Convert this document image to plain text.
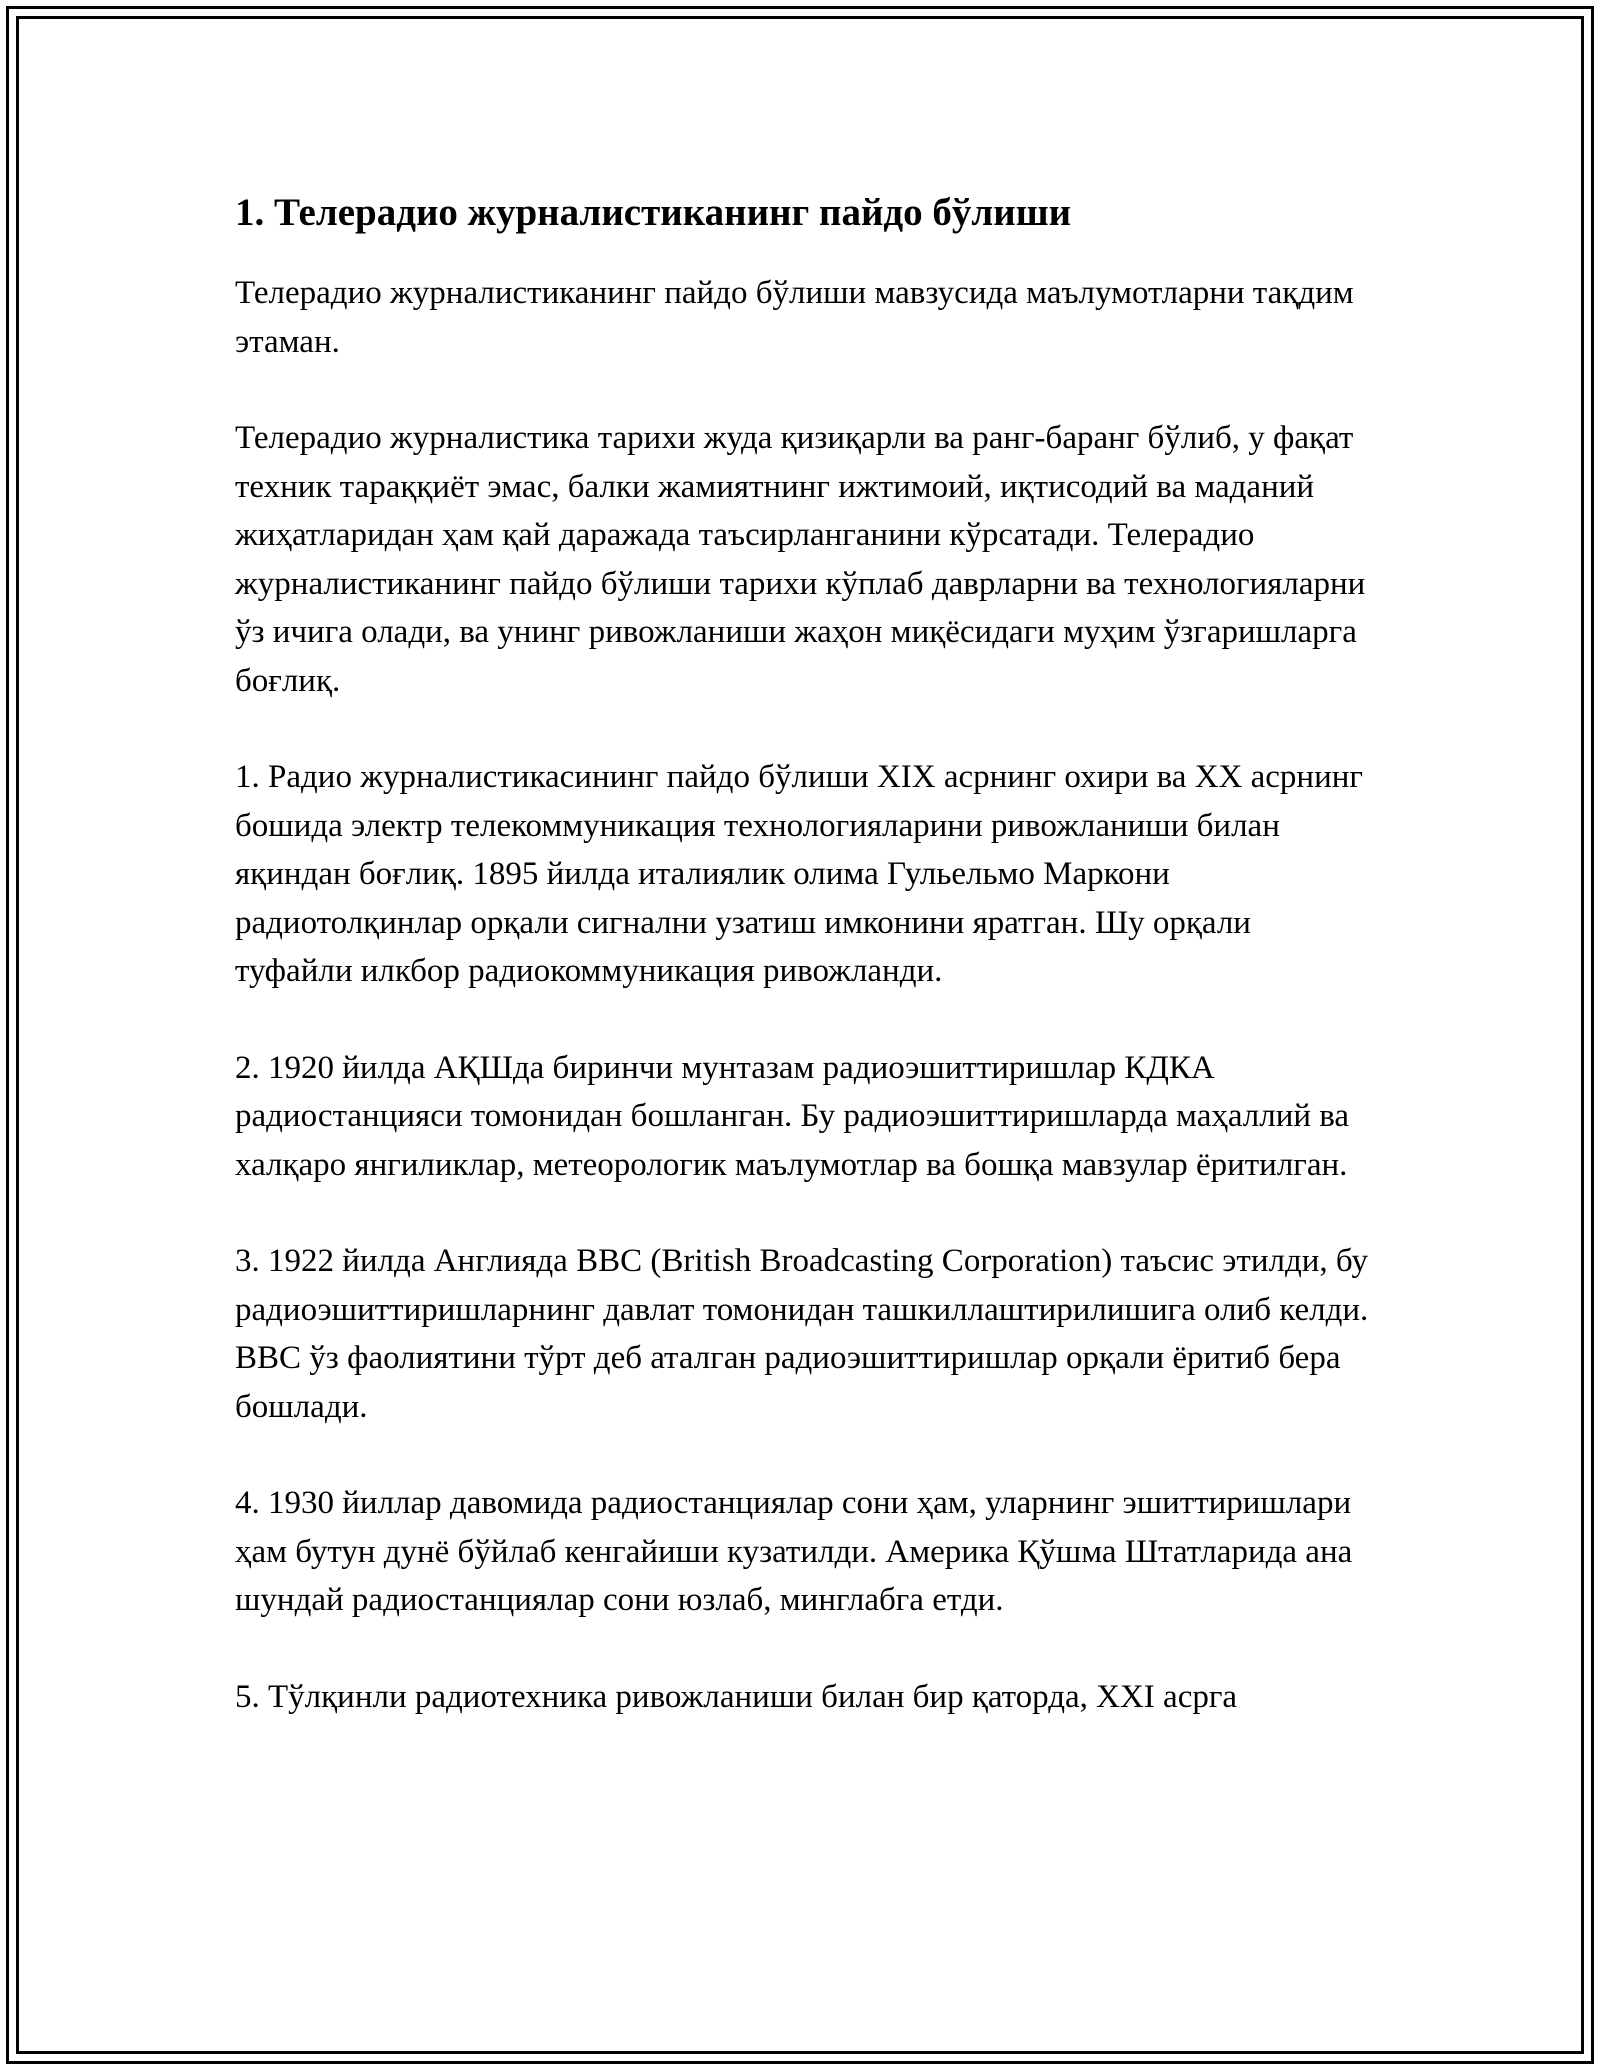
1. Телерадио журналистиканинг пайдо бўлиши

Телерадио журналистиканинг пайдо бўлиши мавзусида маълумотларни тақдим этаман.

Телерадио журналистика тарихи жуда қизиқарли ва ранг-баранг бўлиб, у фақат техник тараққиёт эмас, балки жамиятнинг ижтимоий, иқтисодий ва маданий жиҳатларидан ҳам қай даражада таъсирланганини кўрсатади. Телерадио журналистиканинг пайдо бўлиши тарихи кўплаб даврларни ва технологияларни ўз ичига олади, ва унинг ривожланиши жаҳон миқёсидаги муҳим ўзгаришларга боғлиқ.

1. Радио журналистикасининг пайдо бўлиши XIX асрнинг охири ва XX асрнинг бошида электр телекоммуникация технологияларини ривожланиши билан яқиндан боғлиқ. 1895 йилда италиялик олима Гульельмо Маркони радиотолқинлар орқали сигнални узатиш имконини яратган. Шу орқали туфайли илкбор радиокоммуникация ривожланди.

2. 1920 йилда АҚШда биринчи мунтазам радиоэшиттиришлар КДКА радиостанцияси томонидан бошланган. Бу радиоэшиттиришларда маҳаллий ва халқаро янгиликлар, метеорологик маълумотлар ва бошқа мавзулар ёритилган.

3. 1922 йилда Англияда BBC (British Broadcasting Corporation) таъсис этилди, бу радиоэшиттиришларнинг давлат томонидан ташкиллаштирилишига олиб келди. BBC ўз фаолиятини тўрт деб аталган радиоэшиттиришлар орқали ёритиб бера бошлади.

4. 1930 йиллар давомида радиостанциялар сони ҳам, уларнинг эшиттиришлари ҳам бутун дунё бўйлаб кенгайиши кузатилди. Америка Қўшма Штатларида ана шундай радиостанциялар сони юзлаб, минглабга етди.

5. Тўлқинли радиотехника ривожланиши билан бир қаторда, XXI асрга
